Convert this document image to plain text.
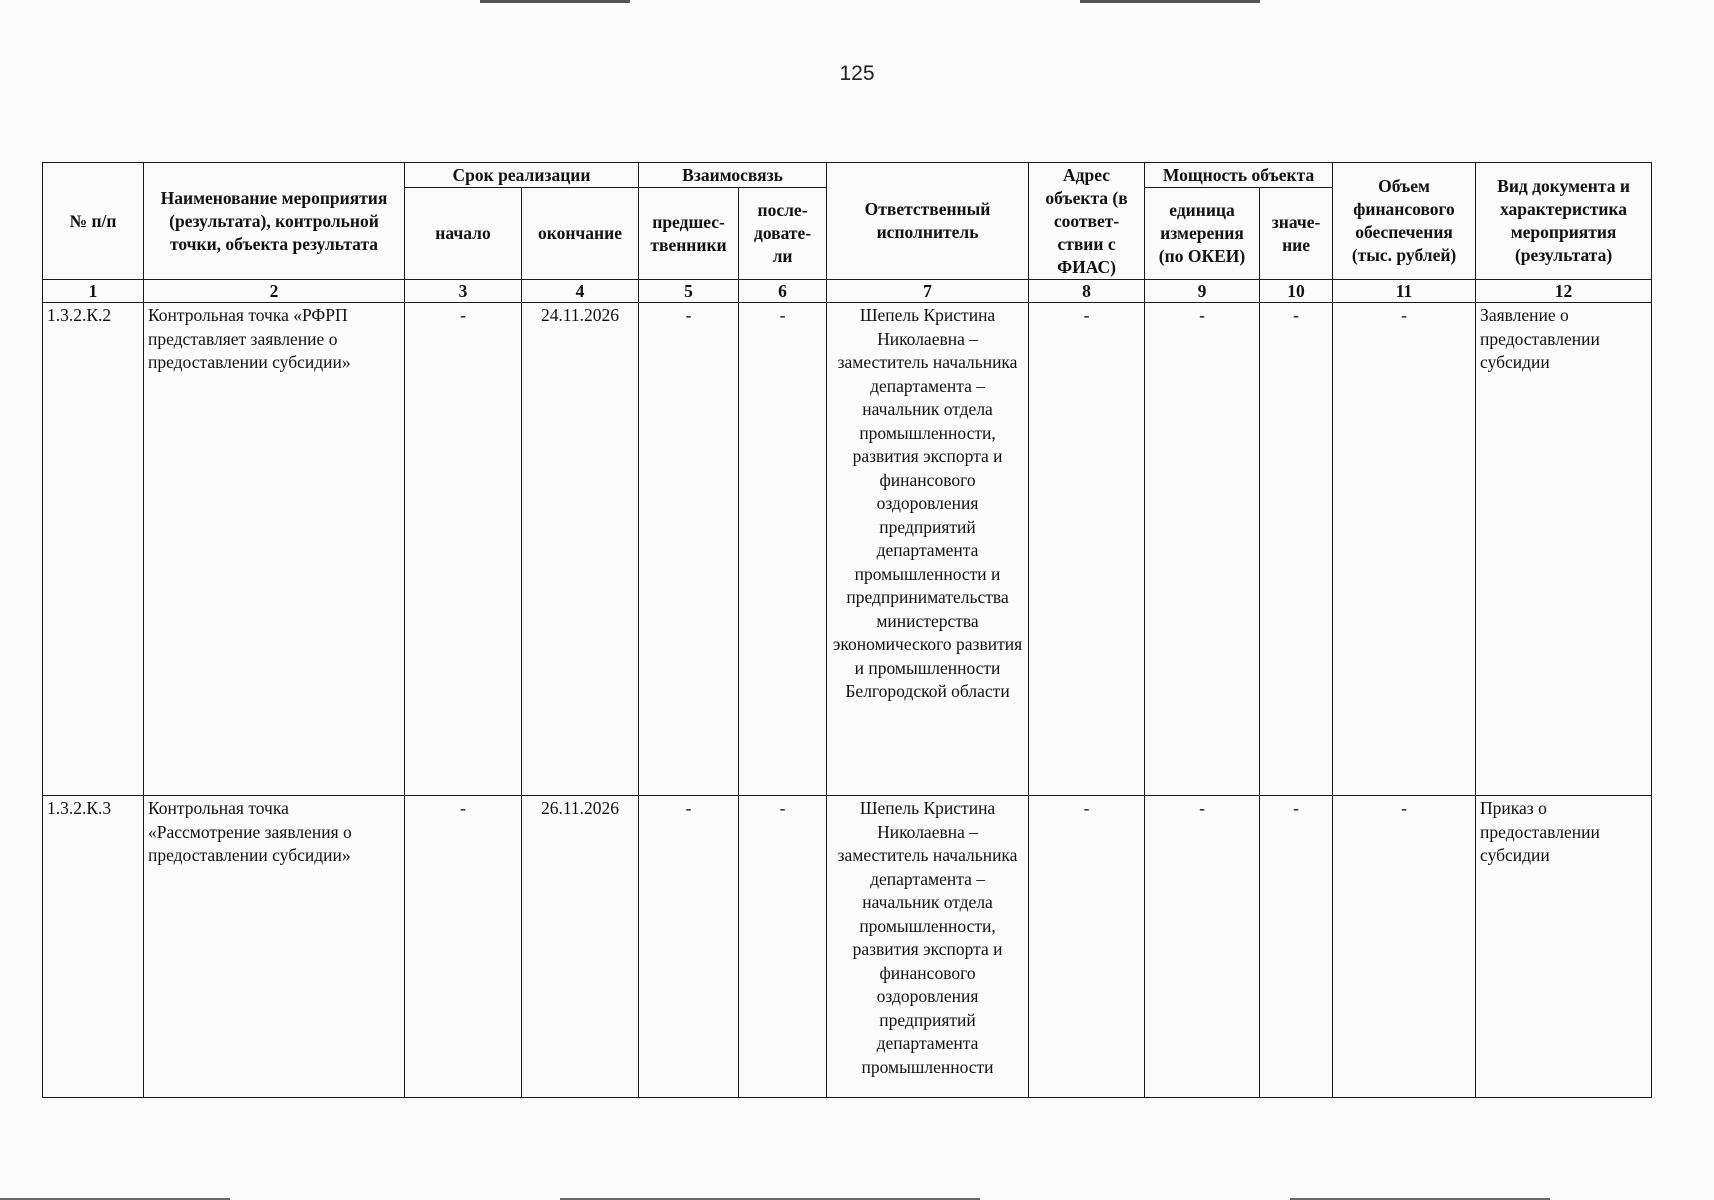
125
№ п/п	Наименование мероприятия (результата), контрольной точки, объекта результата	Срок реализации		Взаимосвязь		Ответственный исполнитель	Адрес объекта (в соответ- ствии с ФИАС)	Мощность объекта		Объем финансового обеспечения (тыс. рублей)	Вид документа и характеристика мероприятия (результата)
		начало	окончание	предшес- твенники	после- довате- ли			единица измерения (по ОКЕИ)	значе- ние		
1	2	3	4	5	6	7	8	9	10	11	12
1.3.2.К.2	Контрольная точка «РФРП представляет заявление о предоставлении субсидии»	-	24.11.2026	-	-	Шепель Кристина Николаевна – заместитель начальника департамента – начальник отдела промышленности, развития экспорта и финансового оздоровления предприятий департамента промышленности и предпринимательства министерства экономического развития и промышленности Белгородской области	-	-	-	-	Заявление о предоставлении субсидии
1.3.2.К.3	Контрольная точка «Рассмотрение заявления о предоставлении субсидии»	-	26.11.2026	-	-	Шепель Кристина Николаевна – заместитель начальника департамента – начальник отдела промышленности, развития экспорта и финансового оздоровления предприятий департамента промышленности	-	-	-	-	Приказ о предоставлении субсидии
